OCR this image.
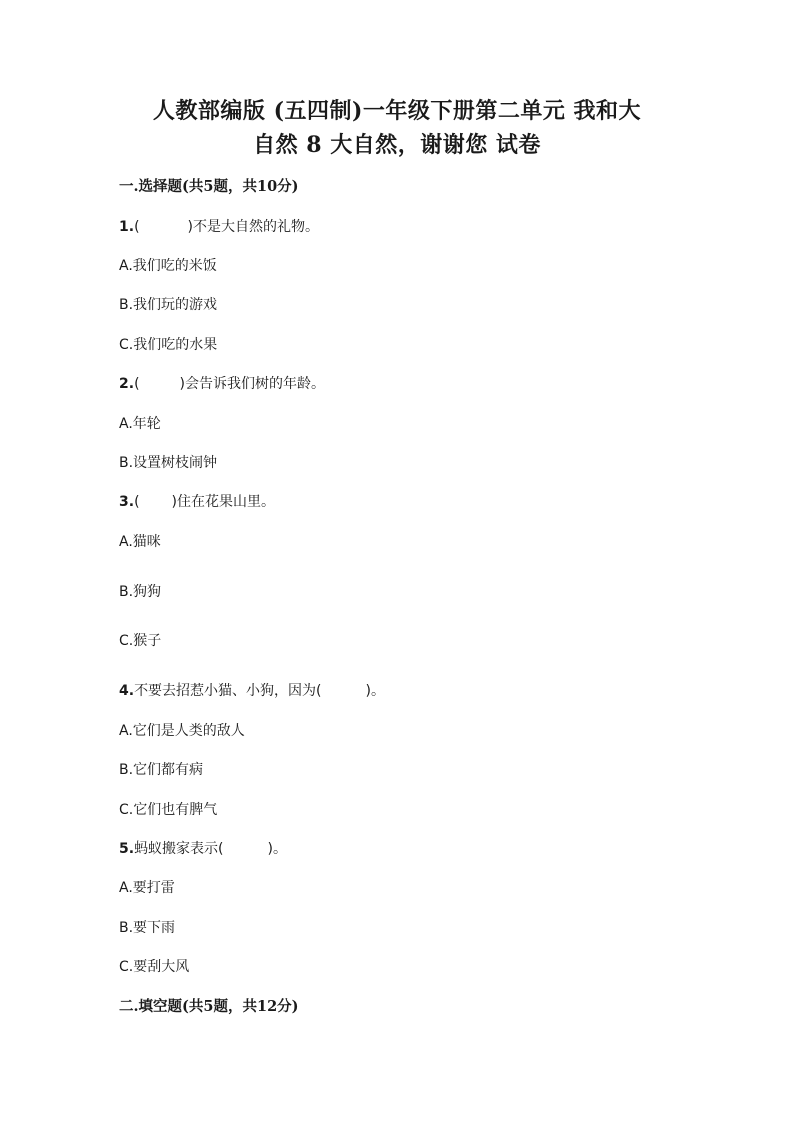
人教部编版 (五四制)一年级下册第二单元 我和大
自然 8 大自然，谢谢您 试卷
一.选择题(共5题，共10分)
1.(	)不是大自然的礼物。
A.我们吃的米饭
B.我们玩的游戏
C.我们吃的水果
2.(	)会告诉我们树的年龄。
A.年轮
B.设置树枝闹钟
3.( )住在花果山里。
A.猫咪
B.狗狗
C.猴子
4.不要去招惹小猫、小狗，因为(	)。
A.它们是人类的敌人
B.它们都有病
C.它们也有脾气
5.蚂蚁搬家表示(	)。
A.要打雷
B.要下雨
C.要刮大风
二.填空题(共5题，共12分)
